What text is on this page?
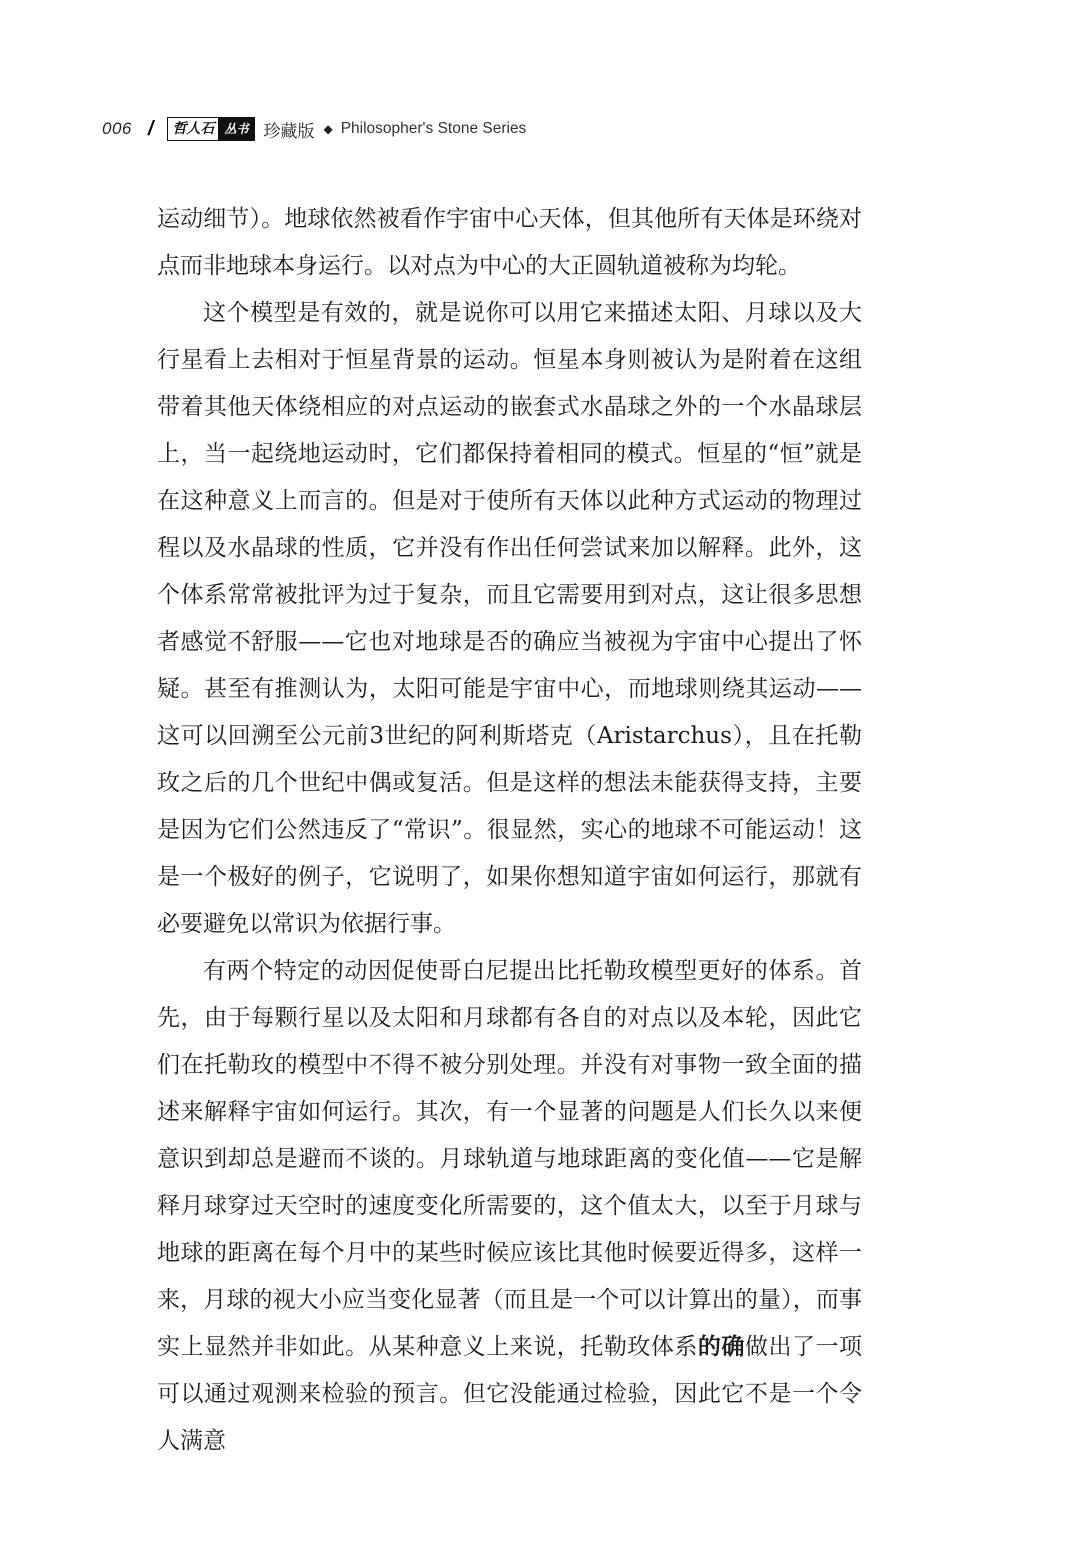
006 / 哲人石 丛书 珍藏版 ◆ Philosopher's Stone Series

运动细节）。地球依然被看作宇宙中心天体，但其他所有天体是环绕对点而非地球本身运行。以对点为中心的大正圆轨道被称为均轮。

这个模型是有效的，就是说你可以用它来描述太阳、月球以及大行星看上去相对于恒星背景的运动。恒星本身则被认为是附着在这组带着其他天体绕相应的对点运动的嵌套式水晶球之外的一个水晶球层上，当一起绕地运动时，它们都保持着相同的模式。恒星的“恒”就是在这种意义上而言的。但是对于使所有天体以此种方式运动的物理过程以及水晶球的性质，它并没有作出任何尝试来加以解释。此外，这个体系常常被批评为过于复杂，而且它需要用到对点，这让很多思想者感觉不舒服——它也对地球是否的确应当被视为宇宙中心提出了怀疑。甚至有推测认为，太阳可能是宇宙中心，而地球则绕其运动——这可以回溯至公元前3世纪的阿利斯塔克（Aristarchus），且在托勒玫之后的几个世纪中偶或复活。但是这样的想法未能获得支持，主要是因为它们公然违反了“常识”。很显然，实心的地球不可能运动！这是一个极好的例子，它说明了，如果你想知道宇宙如何运行，那就有必要避免以常识为依据行事。

有两个特定的动因促使哥白尼提出比托勒玫模型更好的体系。首先，由于每颗行星以及太阳和月球都有各自的对点以及本轮，因此它们在托勒玫的模型中不得不被分别处理。并没有对事物一致全面的描述来解释宇宙如何运行。其次，有一个显著的问题是人们长久以来便意识到却总是避而不谈的。月球轨道与地球距离的变化值——它是解释月球穿过天空时的速度变化所需要的，这个值太大，以至于月球与地球的距离在每个月中的某些时候应该比其他时候要近得多，这样一来，月球的视大小应当变化显著（而且是一个可以计算出的量），而事实上显然并非如此。从某种意义上来说，托勒玫体系的确做出了一项可以通过观测来检验的预言。但它没能通过检验，因此它不是一个令人满意
